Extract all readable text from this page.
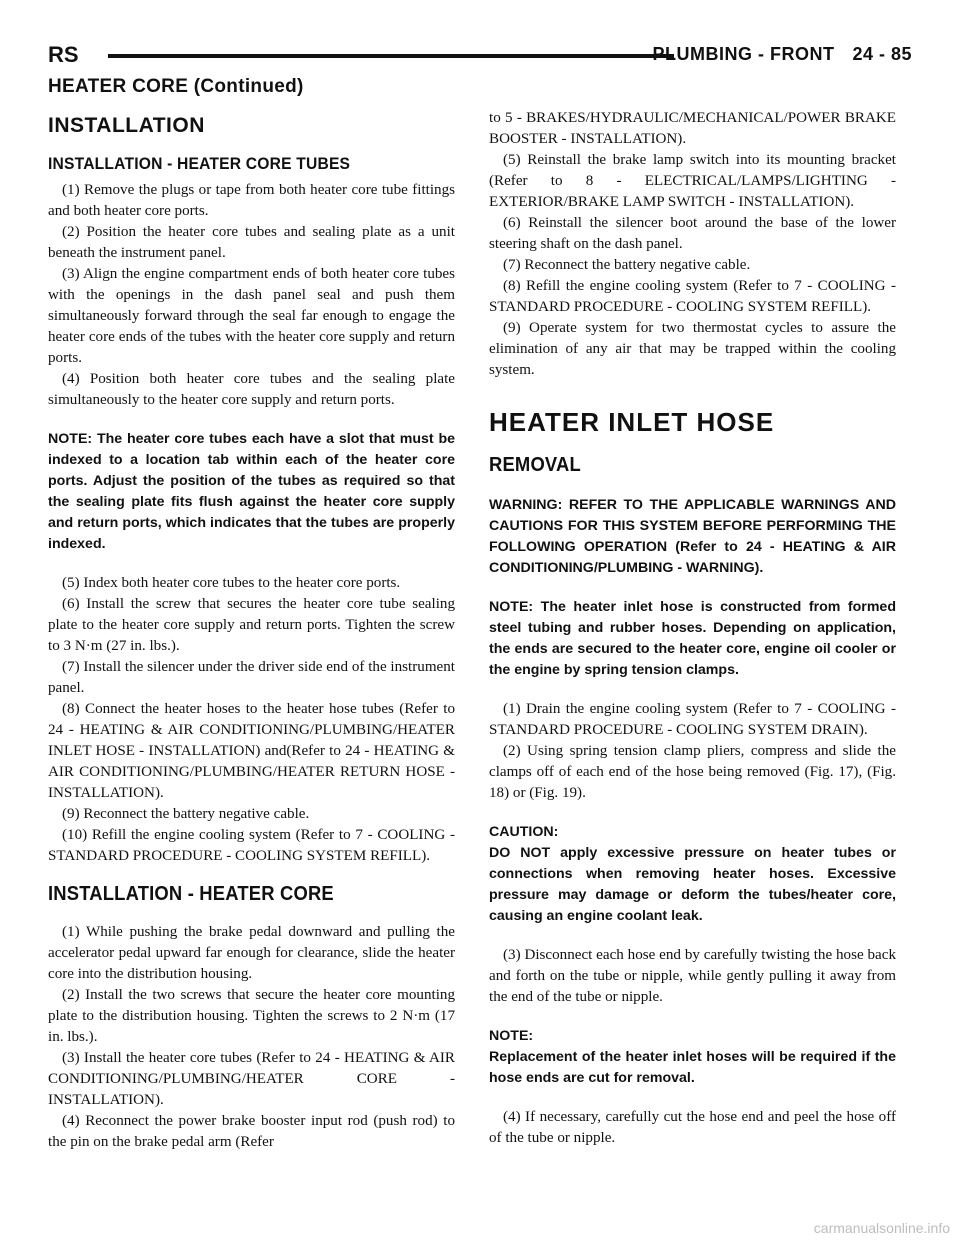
RS	PLUMBING - FRONT 24 - 85
HEATER CORE (Continued)
INSTALLATION
INSTALLATION - HEATER CORE TUBES

(1) Remove the plugs or tape from both heater core tube fittings and both heater core ports.

(2) Position the heater core tubes and sealing plate as a unit beneath the instrument panel.

(3) Align the engine compartment ends of both heater core tubes with the openings in the dash panel seal and push them simultaneously forward through the seal far enough to engage the heater core ends of the tubes with the heater core supply and return ports.

(4) Position both heater core tubes and the sealing plate simultaneously to the heater core supply and return ports.

NOTE: The heater core tubes each have a slot that must be indexed to a location tab within each of the heater core ports. Adjust the position of the tubes as required so that the sealing plate fits flush against the heater core supply and return ports, which indicates that the tubes are properly indexed.

(5) Index both heater core tubes to the heater core ports.

(6) Install the screw that secures the heater core tube sealing plate to the heater core supply and return ports. Tighten the screw to 3 N·m (27 in. lbs.).

(7) Install the silencer under the driver side end of the instrument panel.

(8) Connect the heater hoses to the heater hose tubes (Refer to 24 - HEATING & AIR CONDITIONING/PLUMBING/HEATER INLET HOSE - INSTALLATION) and(Refer to 24 - HEATING & AIR CONDITIONING/PLUMBING/HEATER RETURN HOSE - INSTALLATION).

(9) Reconnect the battery negative cable.

(10) Refill the engine cooling system (Refer to 7 - COOLING - STANDARD PROCEDURE - COOLING SYSTEM REFILL).

INSTALLATION - HEATER CORE

(1) While pushing the brake pedal downward and pulling the accelerator pedal upward far enough for clearance, slide the heater core into the distribution housing.

(2) Install the two screws that secure the heater core mounting plate to the distribution housing. Tighten the screws to 2 N·m (17 in. lbs.).

(3) Install the heater core tubes (Refer to 24 - HEATING & AIR CONDITIONING/PLUMBING/HEATER CORE - INSTALLATION).

(4) Reconnect the power brake booster input rod (push rod) to the pin on the brake pedal arm (Refer

to 5 - BRAKES/HYDRAULIC/MECHANICAL/POWER BRAKE BOOSTER - INSTALLATION).

(5) Reinstall the brake lamp switch into its mounting bracket (Refer to 8 - ELECTRICAL/LAMPS/LIGHTING - EXTERIOR/BRAKE LAMP SWITCH - INSTALLATION).

(6) Reinstall the silencer boot around the base of the lower steering shaft on the dash panel.

(7) Reconnect the battery negative cable.

(8) Refill the engine cooling system (Refer to 7 - COOLING - STANDARD PROCEDURE - COOLING SYSTEM REFILL).

(9) Operate system for two thermostat cycles to assure the elimination of any air that may be trapped within the cooling system.

HEATER INLET HOSE
REMOVAL
WARNING: REFER TO THE APPLICABLE WARNINGS AND CAUTIONS FOR THIS SYSTEM BEFORE PERFORMING THE FOLLOWING OPERATION (Refer to 24 - HEATING & AIR CONDITIONING/PLUMBING - WARNING).
NOTE: The heater inlet hose is constructed from formed steel tubing and rubber hoses. Depending on application, the ends are secured to the heater core, engine oil cooler or the engine by spring tension clamps.

(1) Drain the engine cooling system (Refer to 7 - COOLING - STANDARD PROCEDURE - COOLING SYSTEM DRAIN).

(2) Using spring tension clamp pliers, compress and slide the clamps off of each end of the hose being removed (Fig. 17), (Fig. 18) or (Fig. 19).

CAUTION:
DO NOT apply excessive pressure on heater tubes or connections when removing heater hoses. Excessive pressure may damage or deform the tubes/heater core, causing an engine coolant leak.

(3) Disconnect each hose end by carefully twisting the hose back and forth on the tube or nipple, while gently pulling it away from the end of the tube or nipple.

NOTE:
Replacement of the heater inlet hoses will be required if the hose ends are cut for removal.

(4) If necessary, carefully cut the hose end and peel the hose off of the tube or nipple.

carmanualsonline.info
